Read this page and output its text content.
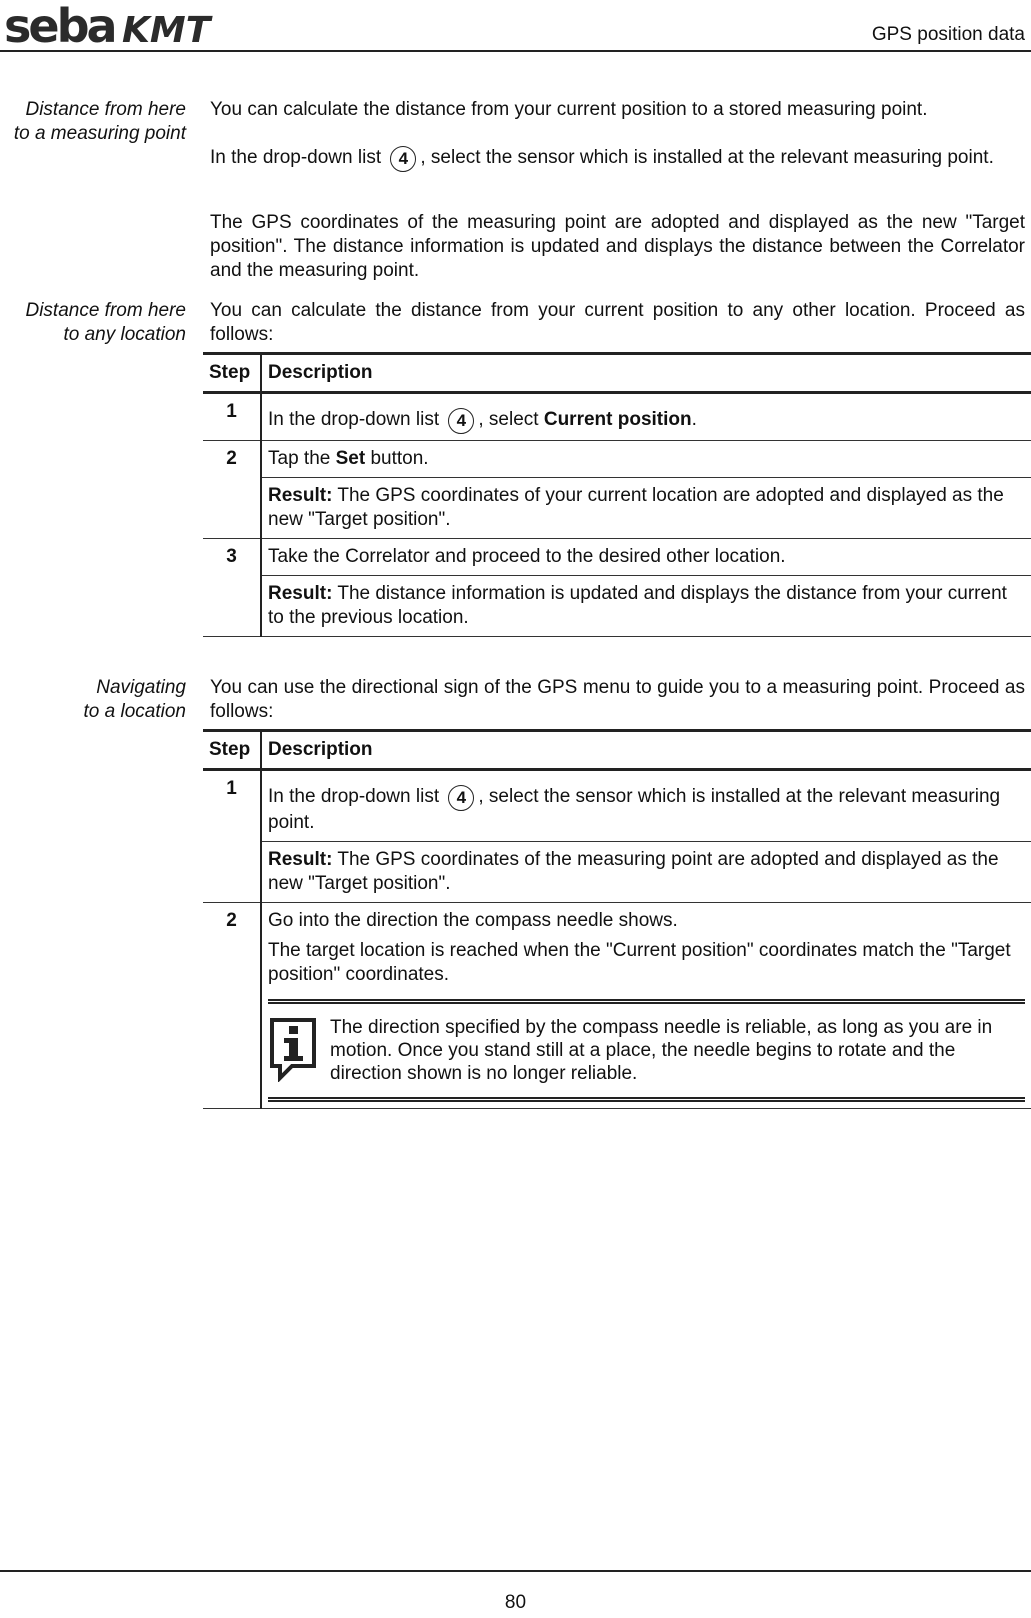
seba KMT	GPS position data
Distance from here
to a measuring point
You can calculate the distance from your current position to a stored measuring point.
In the drop-down list 4 , select the sensor which is installed at the relevant measuring point.
The GPS coordinates of the measuring point are adopted and displayed as the new "Target position". The distance information is updated and displays the distance between the Correlator and the measuring point.
Distance from here
to any location
You can calculate the distance from your current position to any other location. Proceed as follows:
Step	Description
1	In the drop-down list 4 , select Current position.
2	Tap the Set button.
	Result: The GPS coordinates of your current location are adopted and displayed as the new "Target position".
3	Take the Correlator and proceed to the desired other location.
	Result: The distance information is updated and displays the distance from your current to the previous location.
Navigating
to a location
You can use the directional sign of the GPS menu to guide you to a measuring point. Proceed as follows:
Step	Description
1	In the drop-down list 4 , select the sensor which is installed at the relevant measuring point.
	Result: The GPS coordinates of the measuring point are adopted and displayed as the new "Target position".
2	Go into the direction the compass needle shows.
The target location is reached when the "Current position" coordinates match the "Target position" coordinates.
The direction specified by the compass needle is reliable, as long as you are in motion. Once you stand still at a place, the needle begins to rotate and the direction shown is no longer reliable.
80
